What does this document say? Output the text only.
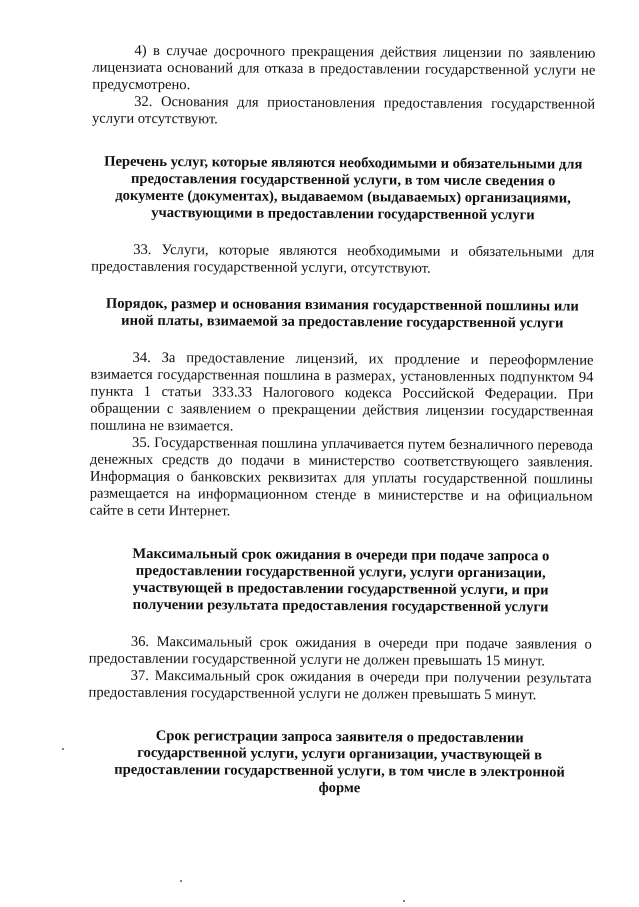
4) в случае досрочного прекращения действия лицензии по заявлению лицензиата оснований для отказа в предоставлении государственной услуги не предусмотрено.

32. Основания для приостановления предоставления государственной услуги отсутствуют.

Перечень услуг, которые являются необходимыми и обязательными для предоставления государственной услуги, в том числе сведения о документе (документах), выдаваемом (выдаваемых) организациями, участвующими в предоставлении государственной услуги

33. Услуги, которые являются необходимыми и обязательными для предоставления государственной услуги, отсутствуют.

Порядок, размер и основания взимания государственной пошлины или иной платы, взимаемой за предоставление государственной услуги

34. За предоставление лицензий, их продление и переоформление взимается государственная пошлина в размерах, установленных подпунктом 94 пункта 1 статьи 333.33 Налогового кодекса Российской Федерации. При обращении с заявлением о прекращении действия лицензии государственная пошлина не взимается.

35. Государственная пошлина уплачивается путем безналичного перевода денежных средств до подачи в министерство соответствующего заявления. Информация о банковских реквизитах для уплаты государственной пошлины размещается на информационном стенде в министерстве и на официальном сайте в сети Интернет.

Максимальный срок ожидания в очереди при подаче запроса о предоставлении государственной услуги, услуги организации, участвующей в предоставлении государственной услуги, и при получении результата предоставления государственной услуги

36. Максимальный срок ожидания в очереди при подаче заявления о предоставлении государственной услуги не должен превышать 15 минут.

37. Максимальный срок ожидания в очереди при получении результата предоставления государственной услуги не должен превышать 5 минут.

Срок регистрации запроса заявителя о предоставлении государственной услуги, услуги организации, участвующей в предоставлении государственной услуги, в том числе в электронной форме
